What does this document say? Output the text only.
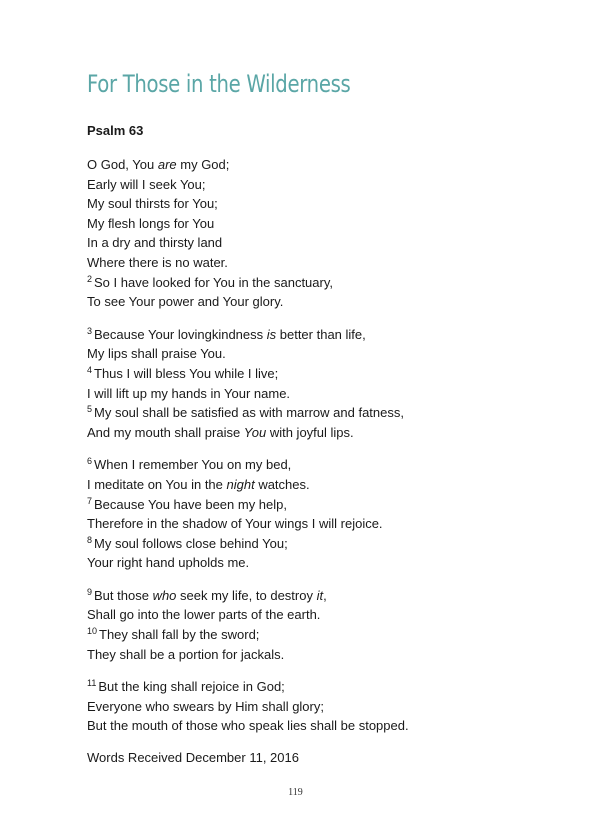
For Those in the Wilderness
Psalm 63
O God, You are my God;
Early will I seek You;
My soul thirsts for You;
My flesh longs for You
In a dry and thirsty land
Where there is no water.
$^2$ So I have looked for You in the sanctuary,
To see Your power and Your glory.
$^3$ Because Your lovingkindness is better than life,
My lips shall praise You.
$^4$ Thus I will bless You while I live;
I will lift up my hands in Your name.
$^5$ My soul shall be satisfied as with marrow and fatness,
And my mouth shall praise You with joyful lips.
$^6$ When I remember You on my bed,
I meditate on You in the night watches.
$^7$ Because You have been my help,
Therefore in the shadow of Your wings I will rejoice.
$^8$ My soul follows close behind You;
Your right hand upholds me.
$^9$ But those who seek my life, to destroy it,
Shall go into the lower parts of the earth.
$^{10}$ They shall fall by the sword;
They shall be a portion for jackals.
$^{11}$ But the king shall rejoice in God;
Everyone who swears by Him shall glory;
But the mouth of those who speak lies shall be stopped.

Words Received December 11, 2016

119
